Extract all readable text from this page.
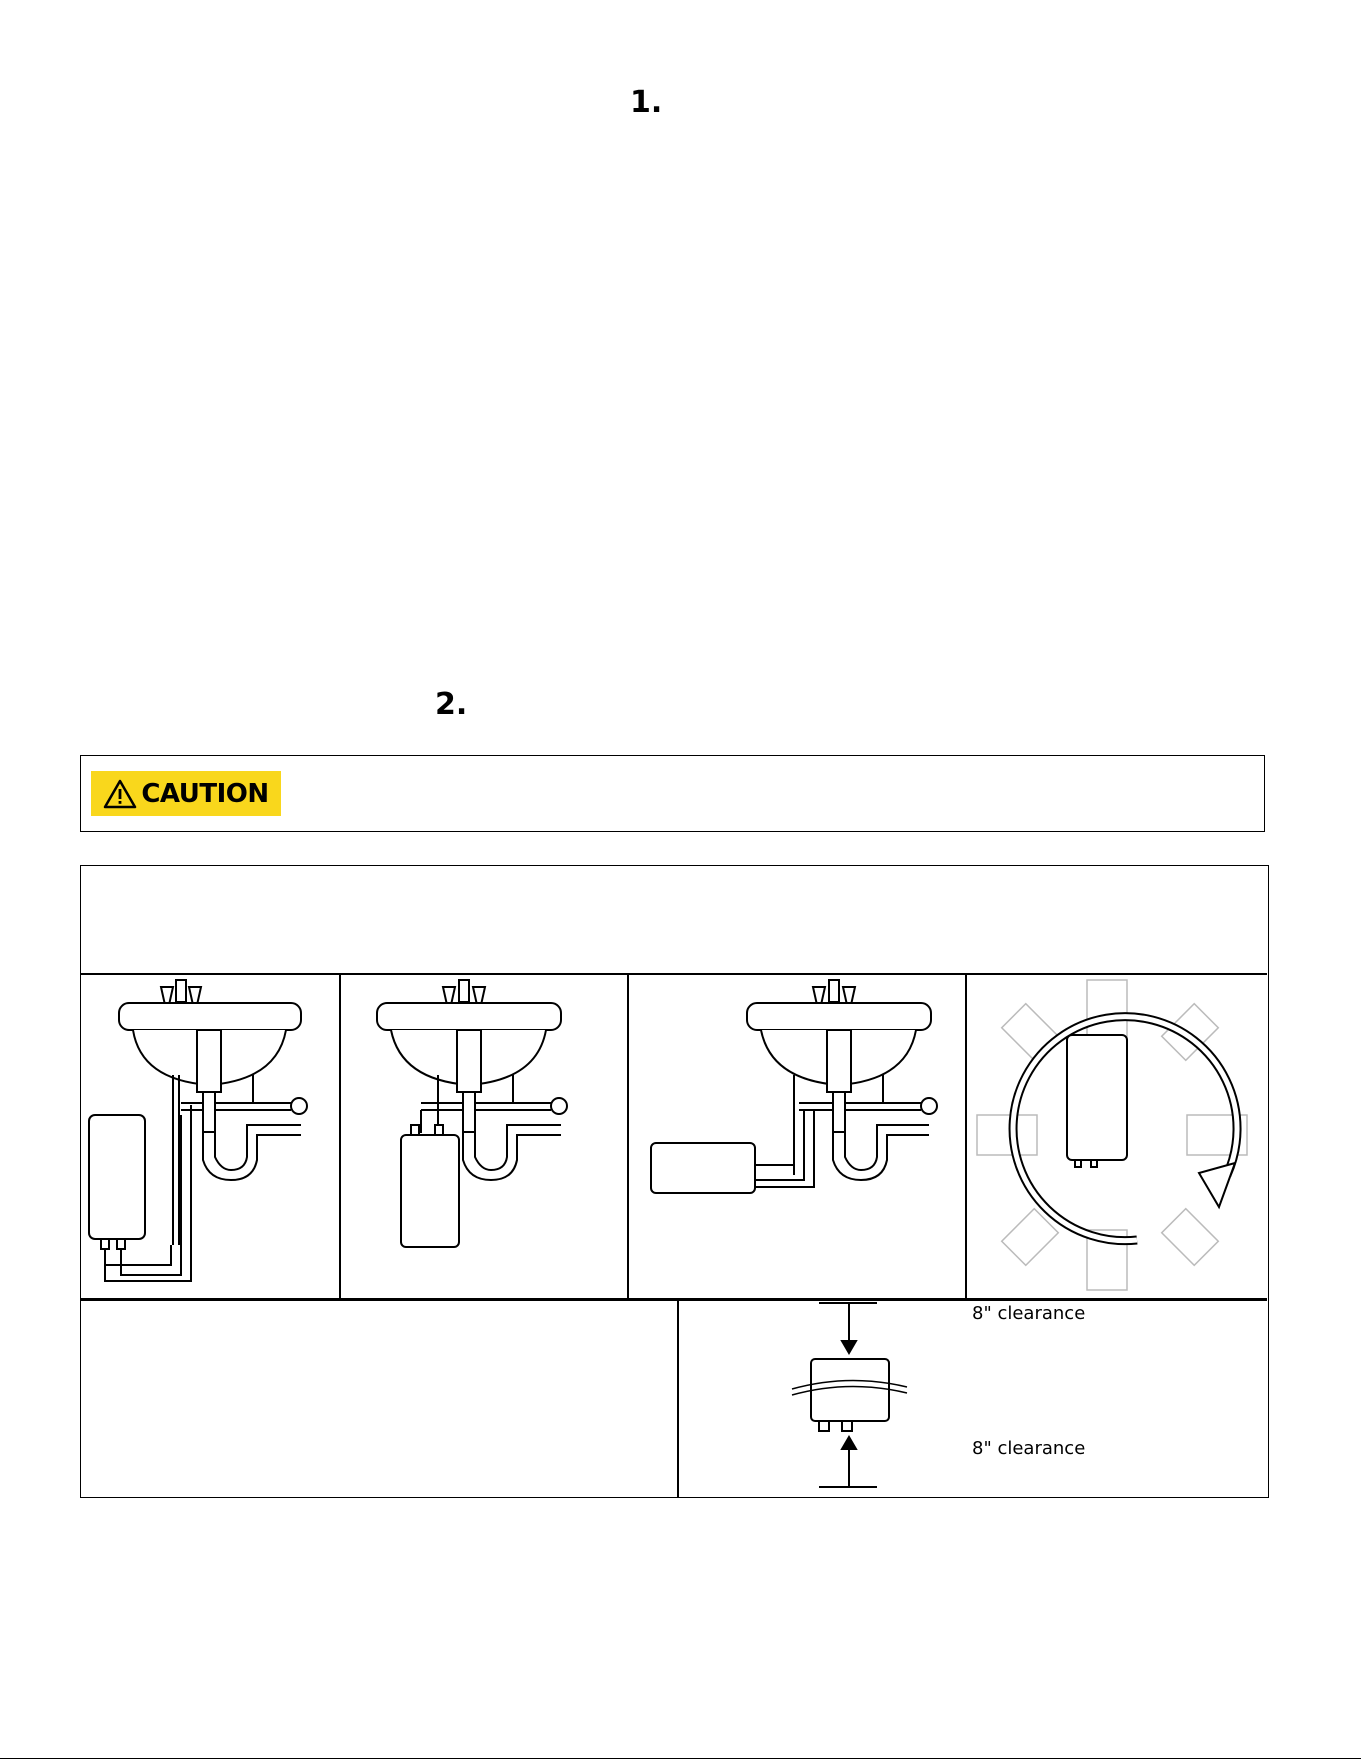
1.
2.
CAUTION
8" clearance
8" clearance
